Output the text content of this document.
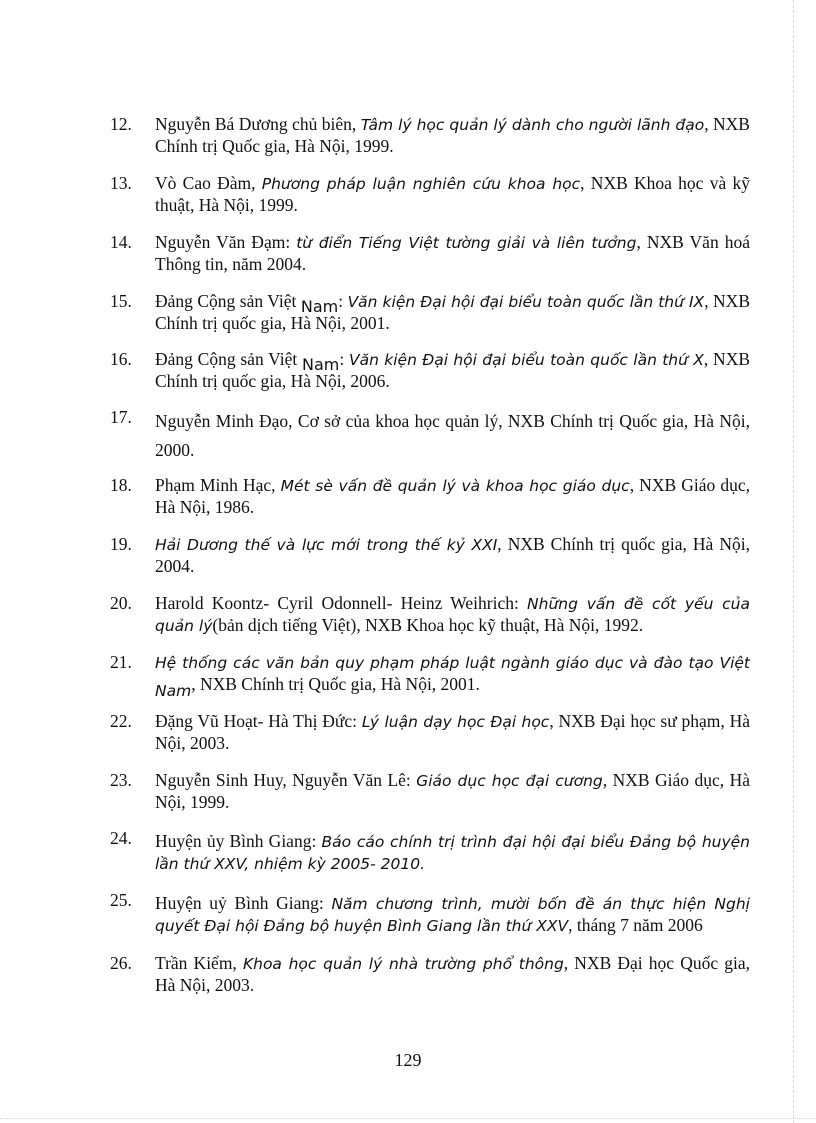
12.	Nguyễn Bá Dương chủ biên, Tâm lý học quản lý dành cho người lãnh đạo, NXB Chính trị Quốc gia, Hà Nội, 1999.
13.	Vò Cao Đàm, Phương pháp luận nghiên cứu khoa học, NXB Khoa học và kỹ thuật, Hà Nội, 1999.
14.	Nguyễn Văn Đạm: từ điển Tiếng Việt tường giải và liên tưởng, NXB Văn hoá Thông tin, năm 2004.
15.	Đảng Cộng sản Việt Nam: Văn kiện Đại hội đại biểu toàn quốc lần thứ IX, NXB Chính trị quốc gia, Hà Nội, 2001.
16.	Đảng Cộng sản Việt Nam: Văn kiện Đại hội đại biểu toàn quốc lần thứ X, NXB Chính trị quốc gia, Hà Nội, 2006.
17.	Nguyễn Minh Đạo, Cơ sở của khoa học quản lý, NXB Chính trị Quốc gia, Hà Nội, 2000.
18.	Phạm Minh Hạc, Mét sè vấn đề quản lý và khoa học giáo dục, NXB Giáo dục, Hà Nội, 1986.
19.	Hải Dương thế và lực mới trong thế kỷ XXI, NXB Chính trị quốc gia, Hà Nội, 2004.
20.	Harold Koontz- Cyril Odonnell- Heinz Weihrich: Những vấn đề cốt yếu của quản lý(bản dịch tiếng Việt), NXB Khoa học kỹ thuật, Hà Nội, 1992.
21.	Hệ thống các văn bản quy phạm pháp luật ngành giáo dục và đào tạo Việt Nam, NXB Chính trị Quốc gia, Hà Nội, 2001.
22.	Đặng Vũ Hoạt- Hà Thị Đức: Lý luận dạy học Đại học, NXB Đại học sư phạm, Hà Nội, 2003.
23.	Nguyễn Sinh Huy, Nguyễn Văn Lê: Giáo dục học đại cương, NXB Giáo dục, Hà Nội, 1999.
24.	Huyện ủy Bình Giang: Báo cáo chính trị trình đại hội đại biểu Đảng bộ huyện lần thứ XXV, nhiệm kỳ 2005- 2010.
25.	Huyện uỷ Bình Giang: Năm chương trình, mười bốn đề án thực hiện Nghị quyết Đại hội Đảng bộ huyện Bình Giang lần thứ XXV, tháng 7 năm 2006
26.	Trần Kiểm, Khoa học quản lý nhà trường phổ thông, NXB Đại học Quốc gia, Hà Nội, 2003.
129
